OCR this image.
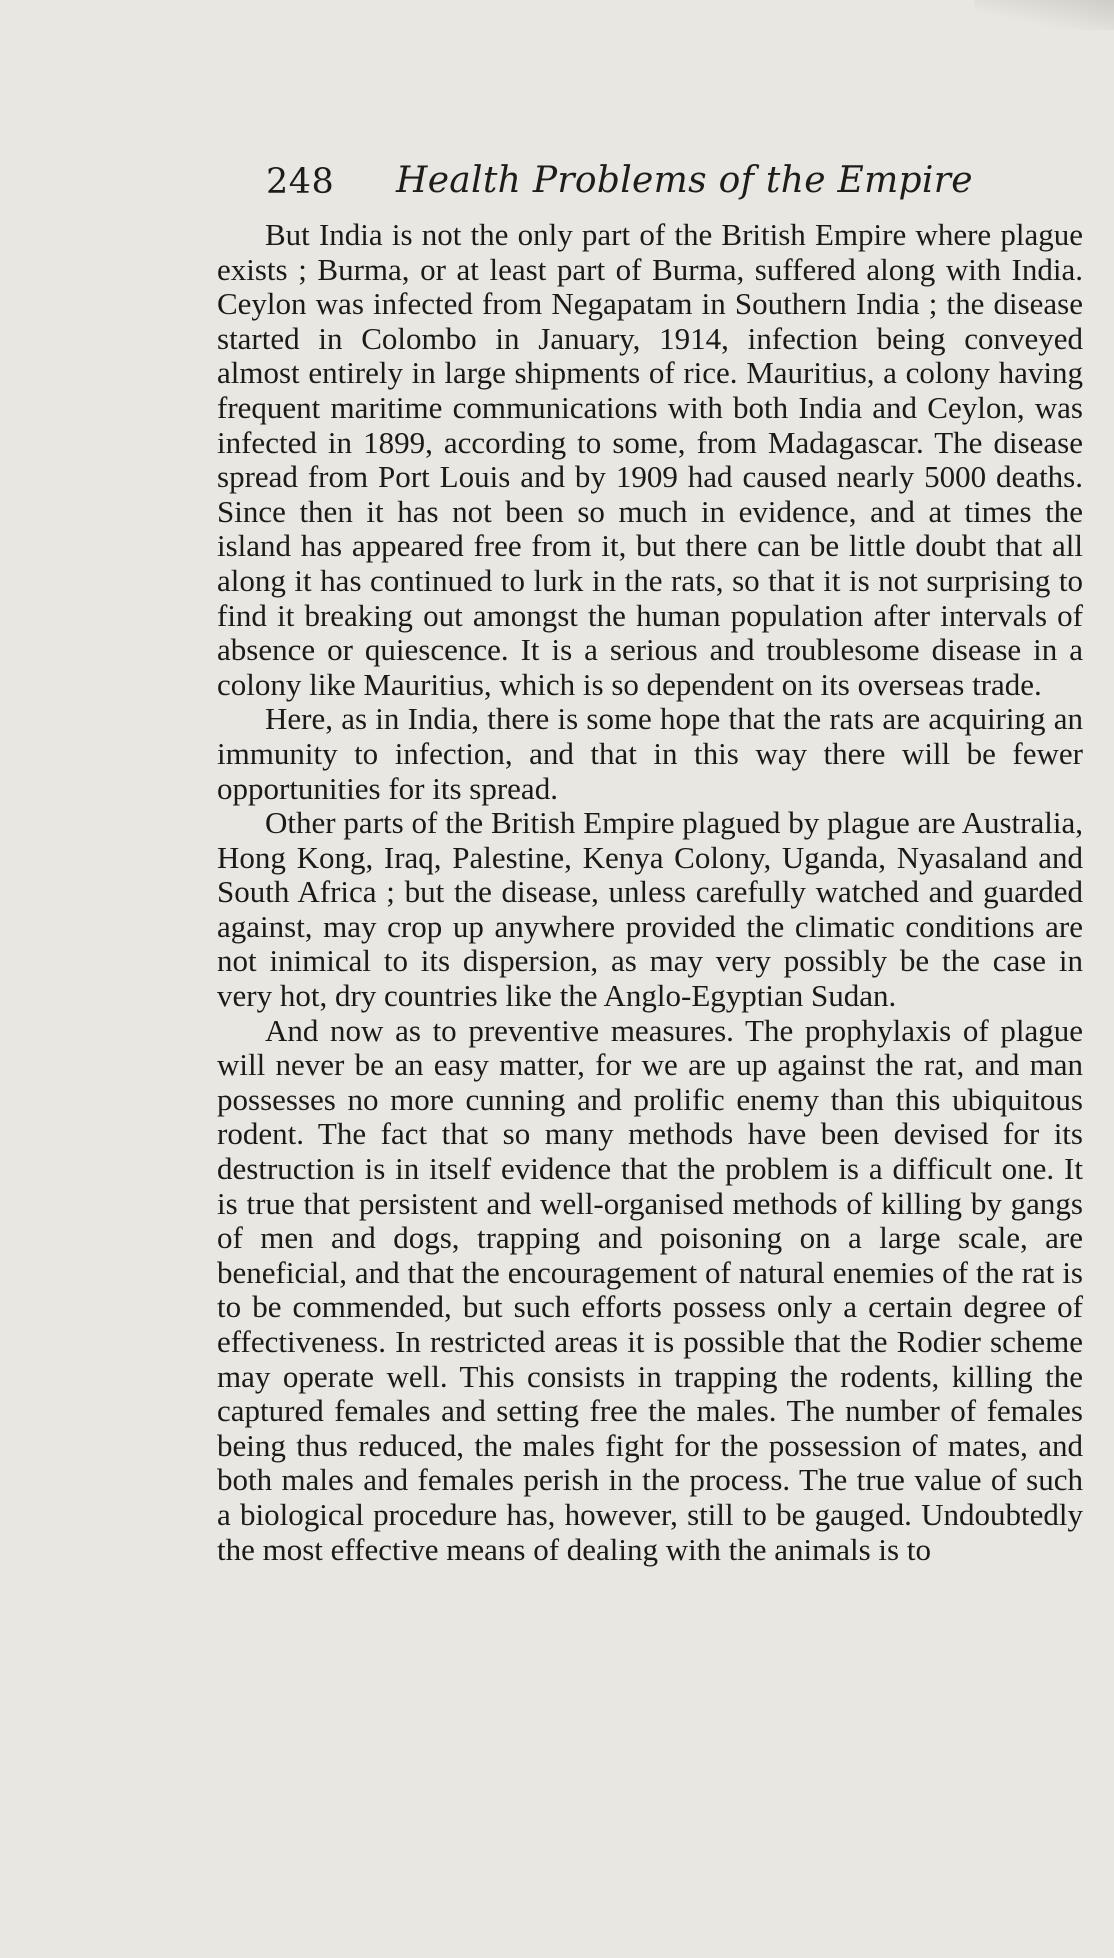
248 Health Problems of the Empire

But India is not the only part of the British Empire where plague exists ; Burma, or at least part of Burma, suffered along with India. Ceylon was infected from Negapatam in Southern India ; the disease started in Colombo in January, 1914, infection being conveyed almost entirely in large shipments of rice. Mauritius, a colony having frequent maritime communications with both India and Ceylon, was infected in 1899, according to some, from Madagascar. The disease spread from Port Louis and by 1909 had caused nearly 5000 deaths. Since then it has not been so much in evidence, and at times the island has appeared free from it, but there can be little doubt that all along it has continued to lurk in the rats, so that it is not surprising to find it breaking out amongst the human population after intervals of absence or quiescence. It is a serious and troublesome disease in a colony like Mauritius, which is so dependent on its overseas trade.

Here, as in India, there is some hope that the rats are acquiring an immunity to infection, and that in this way there will be fewer opportunities for its spread.

Other parts of the British Empire plagued by plague are Australia, Hong Kong, Iraq, Palestine, Kenya Colony, Uganda, Nyasaland and South Africa ; but the disease, unless carefully watched and guarded against, may crop up anywhere provided the climatic conditions are not inimical to its dispersion, as may very possibly be the case in very hot, dry countries like the Anglo-Egyptian Sudan.

And now as to preventive measures. The prophylaxis of plague will never be an easy matter, for we are up against the rat, and man possesses no more cunning and prolific enemy than this ubiquitous rodent. The fact that so many methods have been devised for its destruction is in itself evidence that the problem is a difficult one. It is true that persistent and well-organised methods of killing by gangs of men and dogs, trapping and poisoning on a large scale, are beneficial, and that the encouragement of natural enemies of the rat is to be commended, but such efforts possess only a certain degree of effectiveness. In restricted areas it is possible that the Rodier scheme may operate well. This consists in trapping the rodents, killing the captured females and setting free the males. The number of females being thus reduced, the males fight for the possession of mates, and both males and females perish in the process. The true value of such a biological procedure has, however, still to be gauged. Undoubtedly the most effective means of dealing with the animals is to
